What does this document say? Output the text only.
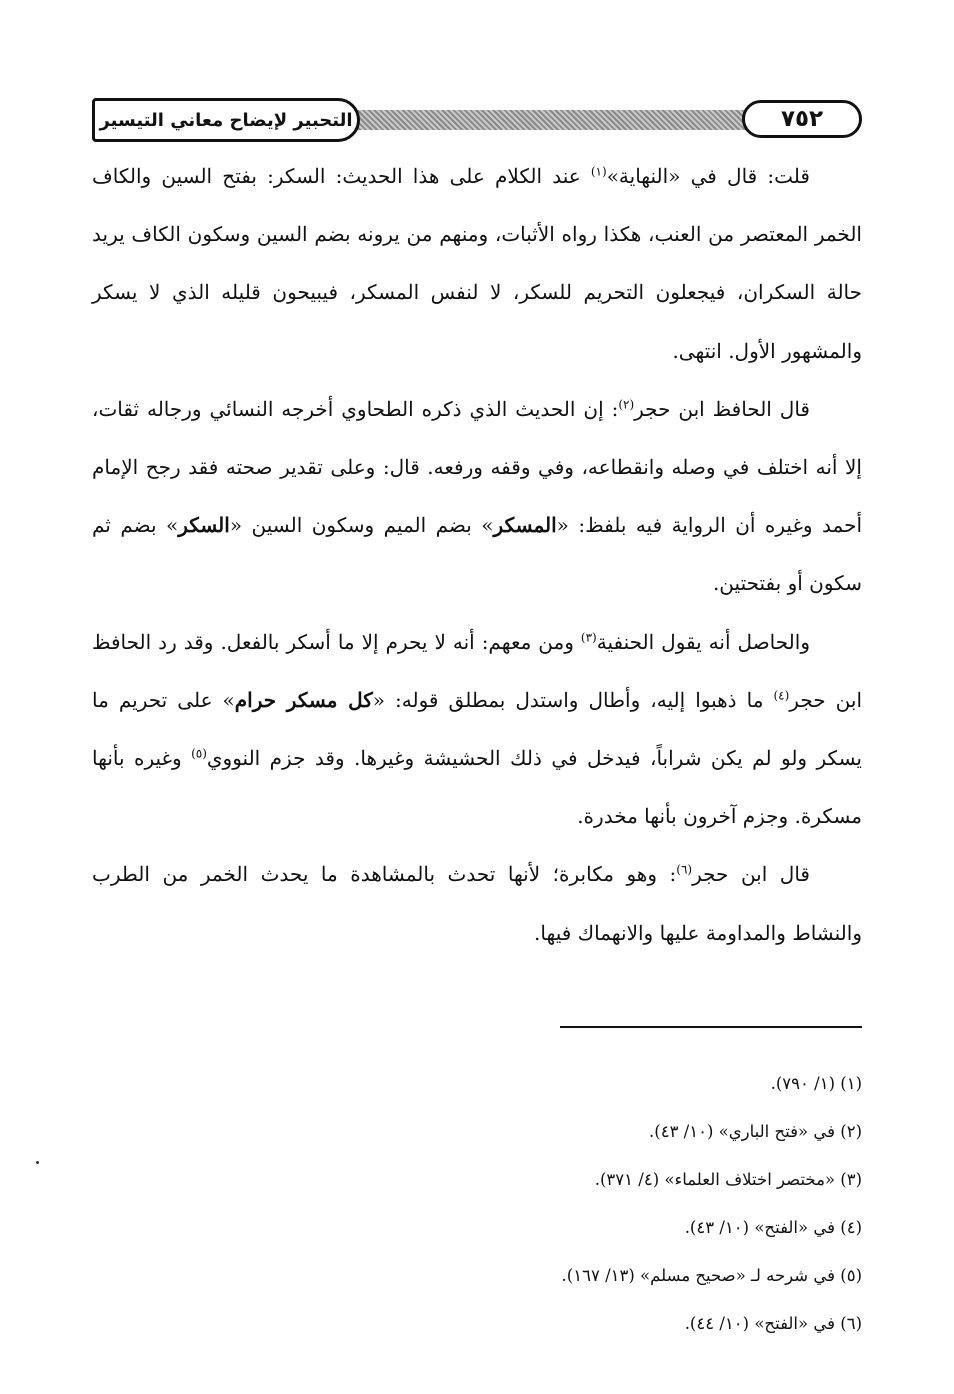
٧٥٢
التحبير لإيضاح معاني التيسير

قلت: قال في «النهاية»$^{(١)}$ عند الكلام على هذا الحديث: السكر: بفتح السين والكاف الخمر المعتصر من العنب، هكذا رواه الأثبات، ومنهم من يرونه بضم السين وسكون الكاف يريد حالة السكران، فيجعلون التحريم للسكر، لا لنفس المسكر، فيبيحون قليله الذي لا يسكر والمشهور الأول. انتهى.

قال الحافظ ابن حجر$^{(٢)}$: إن الحديث الذي ذكره الطحاوي أخرجه النسائي ورجاله ثقات، إلا أنه اختلف في وصله وانقطاعه، وفي وقفه ورفعه. قال: وعلى تقدير صحته فقد رجح الإمام أحمد وغيره أن الرواية فيه بلفظ: «المسكر» بضم الميم وسكون السين «السكر» بضم ثم سكون أو بفتحتين.

والحاصل أنه يقول الحنفية$^{(٣)}$ ومن معهم: أنه لا يحرم إلا ما أسكر بالفعل. وقد رد الحافظ ابن حجر$^{(٤)}$ ما ذهبوا إليه، وأطال واستدل بمطلق قوله: «كل مسكر حرام» على تحريم ما يسكر ولو لم يكن شراباً، فيدخل في ذلك الحشيشة وغيرها. وقد جزم النووي$^{(٥)}$ وغيره بأنها مسكرة. وجزم آخرون بأنها مخدرة.

قال ابن حجر$^{(٦)}$: وهو مكابرة؛ لأنها تحدث بالمشاهدة ما يحدث الخمر من الطرب والنشاط والمداومة عليها والانهماك فيها.

(١) (١/ ٧٩٠).
(٢) في «فتح الباري» (١٠/ ٤٣).
(٣) «مختصر اختلاف العلماء» (٤/ ٣٧١).
(٤) في «الفتح» (١٠/ ٤٣).
(٥) في شرحه لـ «صحيح مسلم» (١٣/ ١٦٧).
(٦) في «الفتح» (١٠/ ٤٤).
